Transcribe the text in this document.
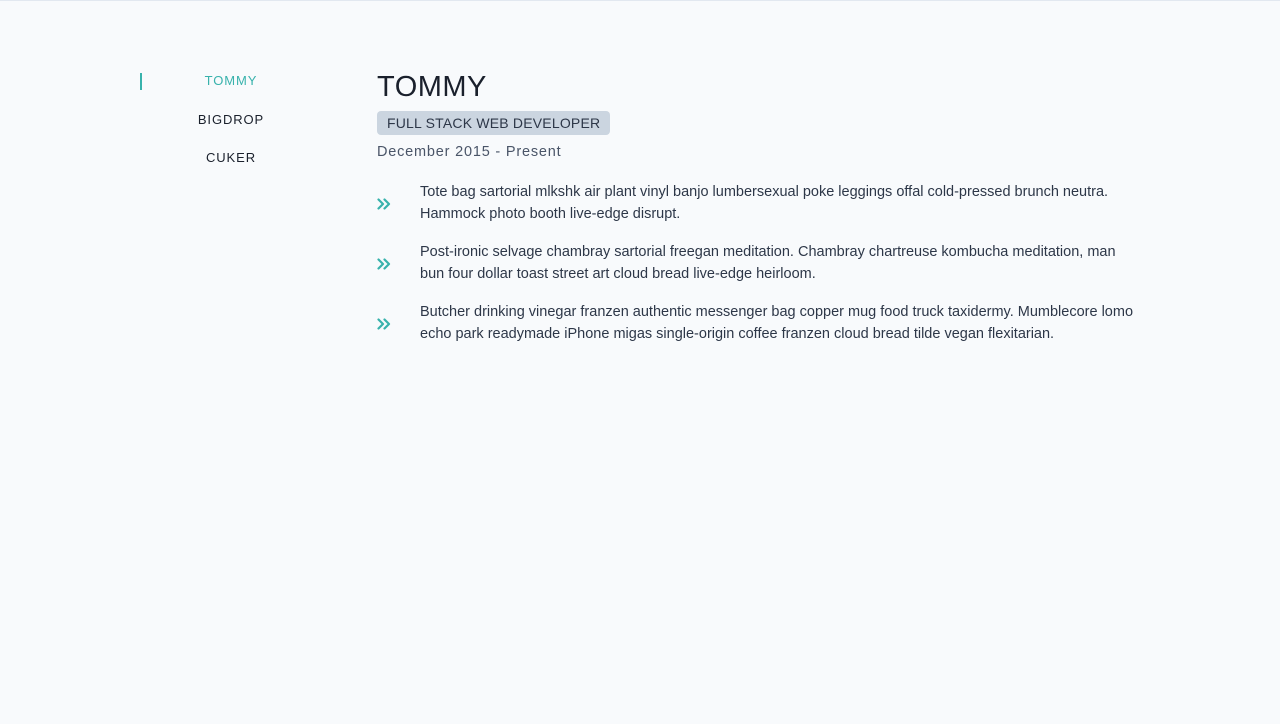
TOMMY
BIGDROP
CUKER
TOMMY
FULL STACK WEB DEVELOPER
December 2015 - Present

Tote bag sartorial mlkshk air plant vinyl banjo lumbersexual poke leggings offal cold-pressed brunch neutra. Hammock photo booth live-edge disrupt.

Post-ironic selvage chambray sartorial freegan meditation. Chambray chartreuse kombucha meditation, man bun four dollar toast street art cloud bread live-edge heirloom.

Butcher drinking vinegar franzen authentic messenger bag copper mug food truck taxidermy. Mumblecore lomo echo park readymade iPhone migas single-origin coffee franzen cloud bread tilde vegan flexitarian.
